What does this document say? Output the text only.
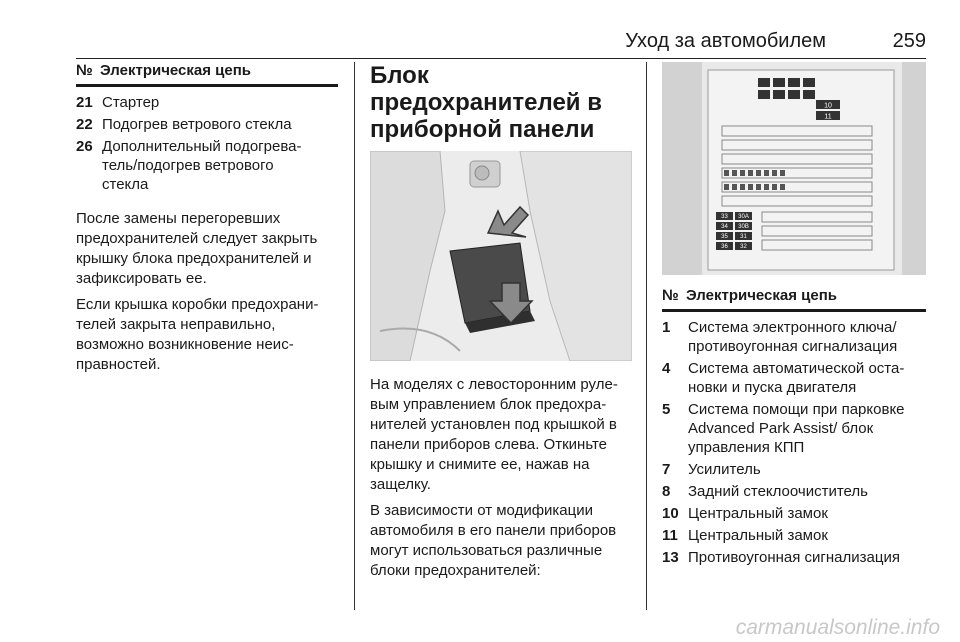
Уход за автомобилем	259
№ Электрическая цепь
21 Стартер
22 Подогрев ветрового стекла
26 Дополнительный подогреватель/подогрев ветрового стекла

После замены перегоревших предохранителей следует закрыть крышку блока предохранителей и зафиксировать ее.

Если крышка коробки предохранителей закрыта неправильно, возможно возникновение неисправностей.

Блок предохранителей в приборной панели

На моделях с левосторонним рулевым управлением блок предохранителей установлен под крышкой в панели приборов слева. Откиньте крышку и снимите ее, нажав на защелку.

В зависимости от модификации автомобиля в его панели приборов могут использоваться различные блоки предохранителей:

10
11
33 30A
34 30B
35 31
36 32
№ Электрическая цепь
1	Система электронного ключа/ противоугонная сигнализация
4	Система автоматической остановки и пуска двигателя
5	Система помощи при парковке Advanced Park Assist/ блок управления КПП
7	Усилитель
8	Задний стеклоочиститель
10 Центральный замок
11 Центральный замок
13 Противоугонная сигнализация
carmanualsonline.info
